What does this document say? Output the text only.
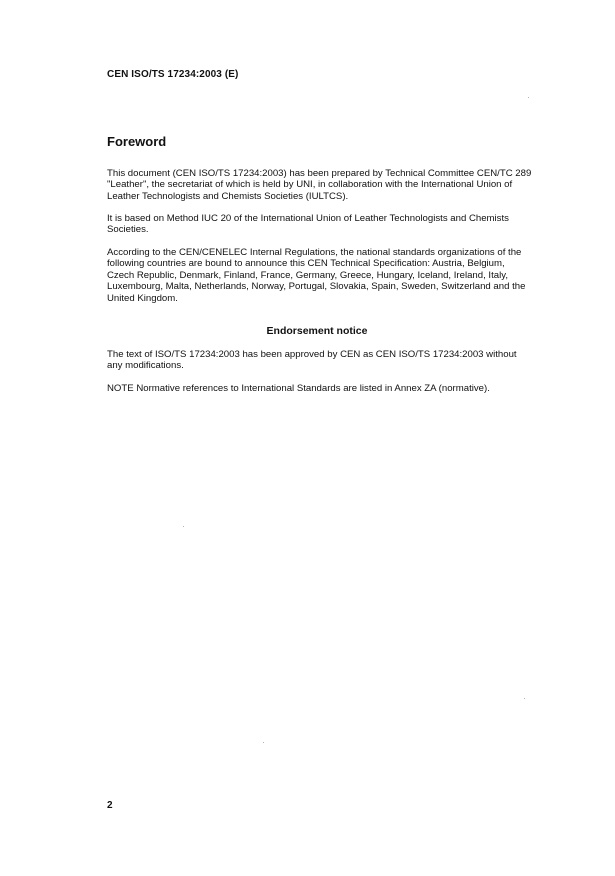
CEN ISO/TS 17234:2003 (E)
Foreword

This document (CEN ISO/TS 17234:2003) has been prepared by Technical Committee CEN/TC 289 "Leather", the secretariat of which is held by UNI, in collaboration with the International Union of Leather Technologists and Chemists Societies (IULTCS).

It is based on Method IUC 20 of the International Union of Leather Technologists and Chemists Societies.

According to the CEN/CENELEC Internal Regulations, the national standards organizations of the following countries are bound to announce this CEN Technical Specification: Austria, Belgium, Czech Republic, Denmark, Finland, France, Germany, Greece, Hungary, Iceland, Ireland, Italy, Luxembourg, Malta, Netherlands, Norway, Portugal, Slovakia, Spain, Sweden, Switzerland and the United Kingdom.

Endorsement notice

The text of ISO/TS 17234:2003 has been approved by CEN as CEN ISO/TS 17234:2003 without any modifications.

NOTE Normative references to International Standards are listed in Annex ZA (normative).

2
